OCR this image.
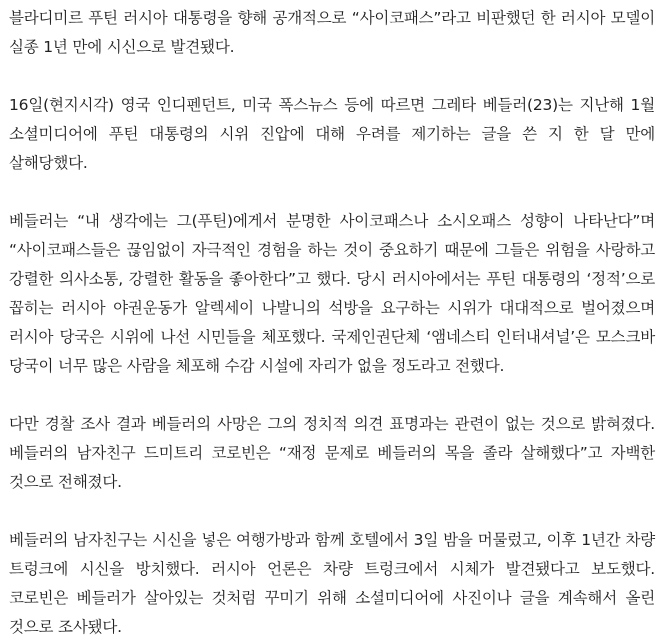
블라디미르 푸틴 러시아 대통령을 향해 공개적으로 “사이코패스”라고 비판했던 한 러시아 모델이 실종 1년 만에 시신으로 발견됐다.

16일(현지시각) 영국 인디펜던트, 미국 폭스뉴스 등에 따르면 그레타 베들러(23)는 지난해 1월 소셜미디어에 푸틴 대통령의 시위 진압에 대해 우려를 제기하는 글을 쓴 지 한 달 만에 살해당했다.

베들러는 “내 생각에는 그(푸틴)에게서 분명한 사이코패스나 소시오패스 성향이 나타난다”며 “사이코패스들은 끊임없이 자극적인 경험을 하는 것이 중요하기 때문에 그들은 위험을 사랑하고 강렬한 의사소통, 강렬한 활동을 좋아한다”고 했다. 당시 러시아에서는 푸틴 대통령의 ‘정적’으로 꼽히는 러시아 야권운동가 알렉세이 나발니의 석방을 요구하는 시위가 대대적으로 벌어졌으며 러시아 당국은 시위에 나선 시민들을 체포했다. 국제인권단체 ‘앰네스티 인터내셔널’은 모스크바 당국이 너무 많은 사람을 체포해 수감 시설에 자리가 없을 정도라고 전했다.

다만 경찰 조사 결과 베들러의 사망은 그의 정치적 의견 표명과는 관련이 없는 것으로 밝혀졌다. 베들러의 남자친구 드미트리 코로빈은 “재정 문제로 베들러의 목을 졸라 살해했다”고 자백한 것으로 전해졌다.

베들러의 남자친구는 시신을 넣은 여행가방과 함께 호텔에서 3일 밤을 머물렀고, 이후 1년간 차량 트렁크에 시신을 방치했다. 러시아 언론은 차량 트렁크에서 시체가 발견됐다고 보도했다. 코로빈은 베들러가 살아있는 것처럼 꾸미기 위해 소셜미디어에 사진이나 글을 계속해서 올린 것으로 조사됐다.
